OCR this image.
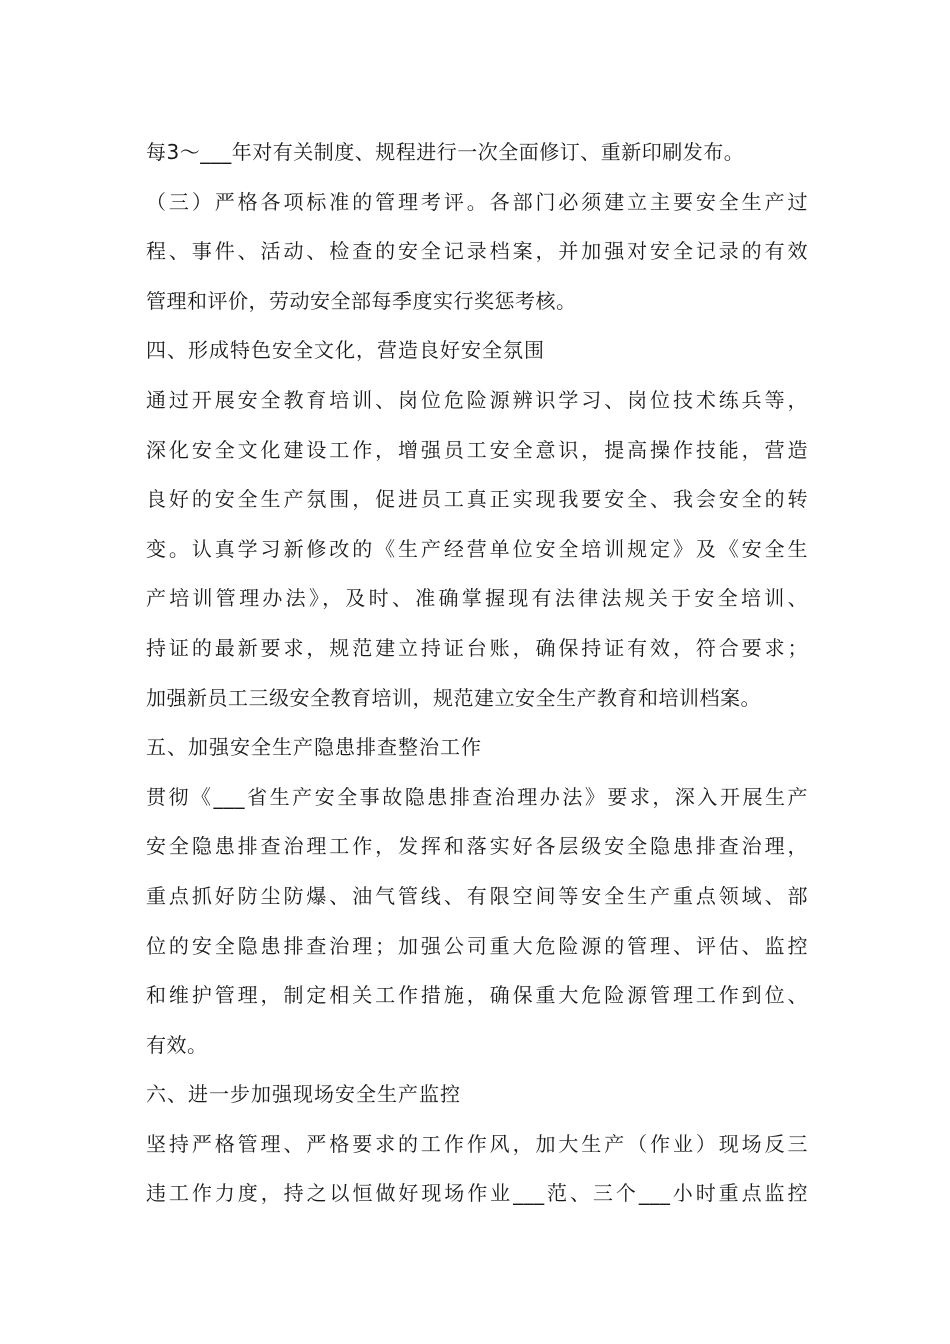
每3～___年对有关制度、规程进行一次全面修订、重新印刷发布。
（三）严格各项标准的管理考评。各部门必须建立主要安全生产过
程、事件、活动、检查的安全记录档案，并加强对安全记录的有效
管理和评价，劳动安全部每季度实行奖惩考核。
四、形成特色安全文化，营造良好安全氛围
通过开展安全教育培训、岗位危险源辨识学习、岗位技术练兵等，
深化安全文化建设工作，增强员工安全意识，提高操作技能，营造
良好的安全生产氛围，促进员工真正实现我要安全、我会安全的转
变。认真学习新修改的《生产经营单位安全培训规定》及《安全生
产培训管理办法》，及时、准确掌握现有法律法规关于安全培训、
持证的最新要求，规范建立持证台账，确保持证有效，符合要求；
加强新员工三级安全教育培训，规范建立安全生产教育和培训档案。
五、加强安全生产隐患排查整治工作
贯彻《___省生产安全事故隐患排查治理办法》要求，深入开展生产
安全隐患排查治理工作，发挥和落实好各层级安全隐患排查治理，
重点抓好防尘防爆、油气管线、有限空间等安全生产重点领域、部
位的安全隐患排查治理；加强公司重大危险源的管理、评估、监控
和维护管理，制定相关工作措施，确保重大危险源管理工作到位、
有效。
六、进一步加强现场安全生产监控
坚持严格管理、严格要求的工作作风，加大生产（作业）现场反三
违工作力度，持之以恒做好现场作业___范、三个___小时重点监控
